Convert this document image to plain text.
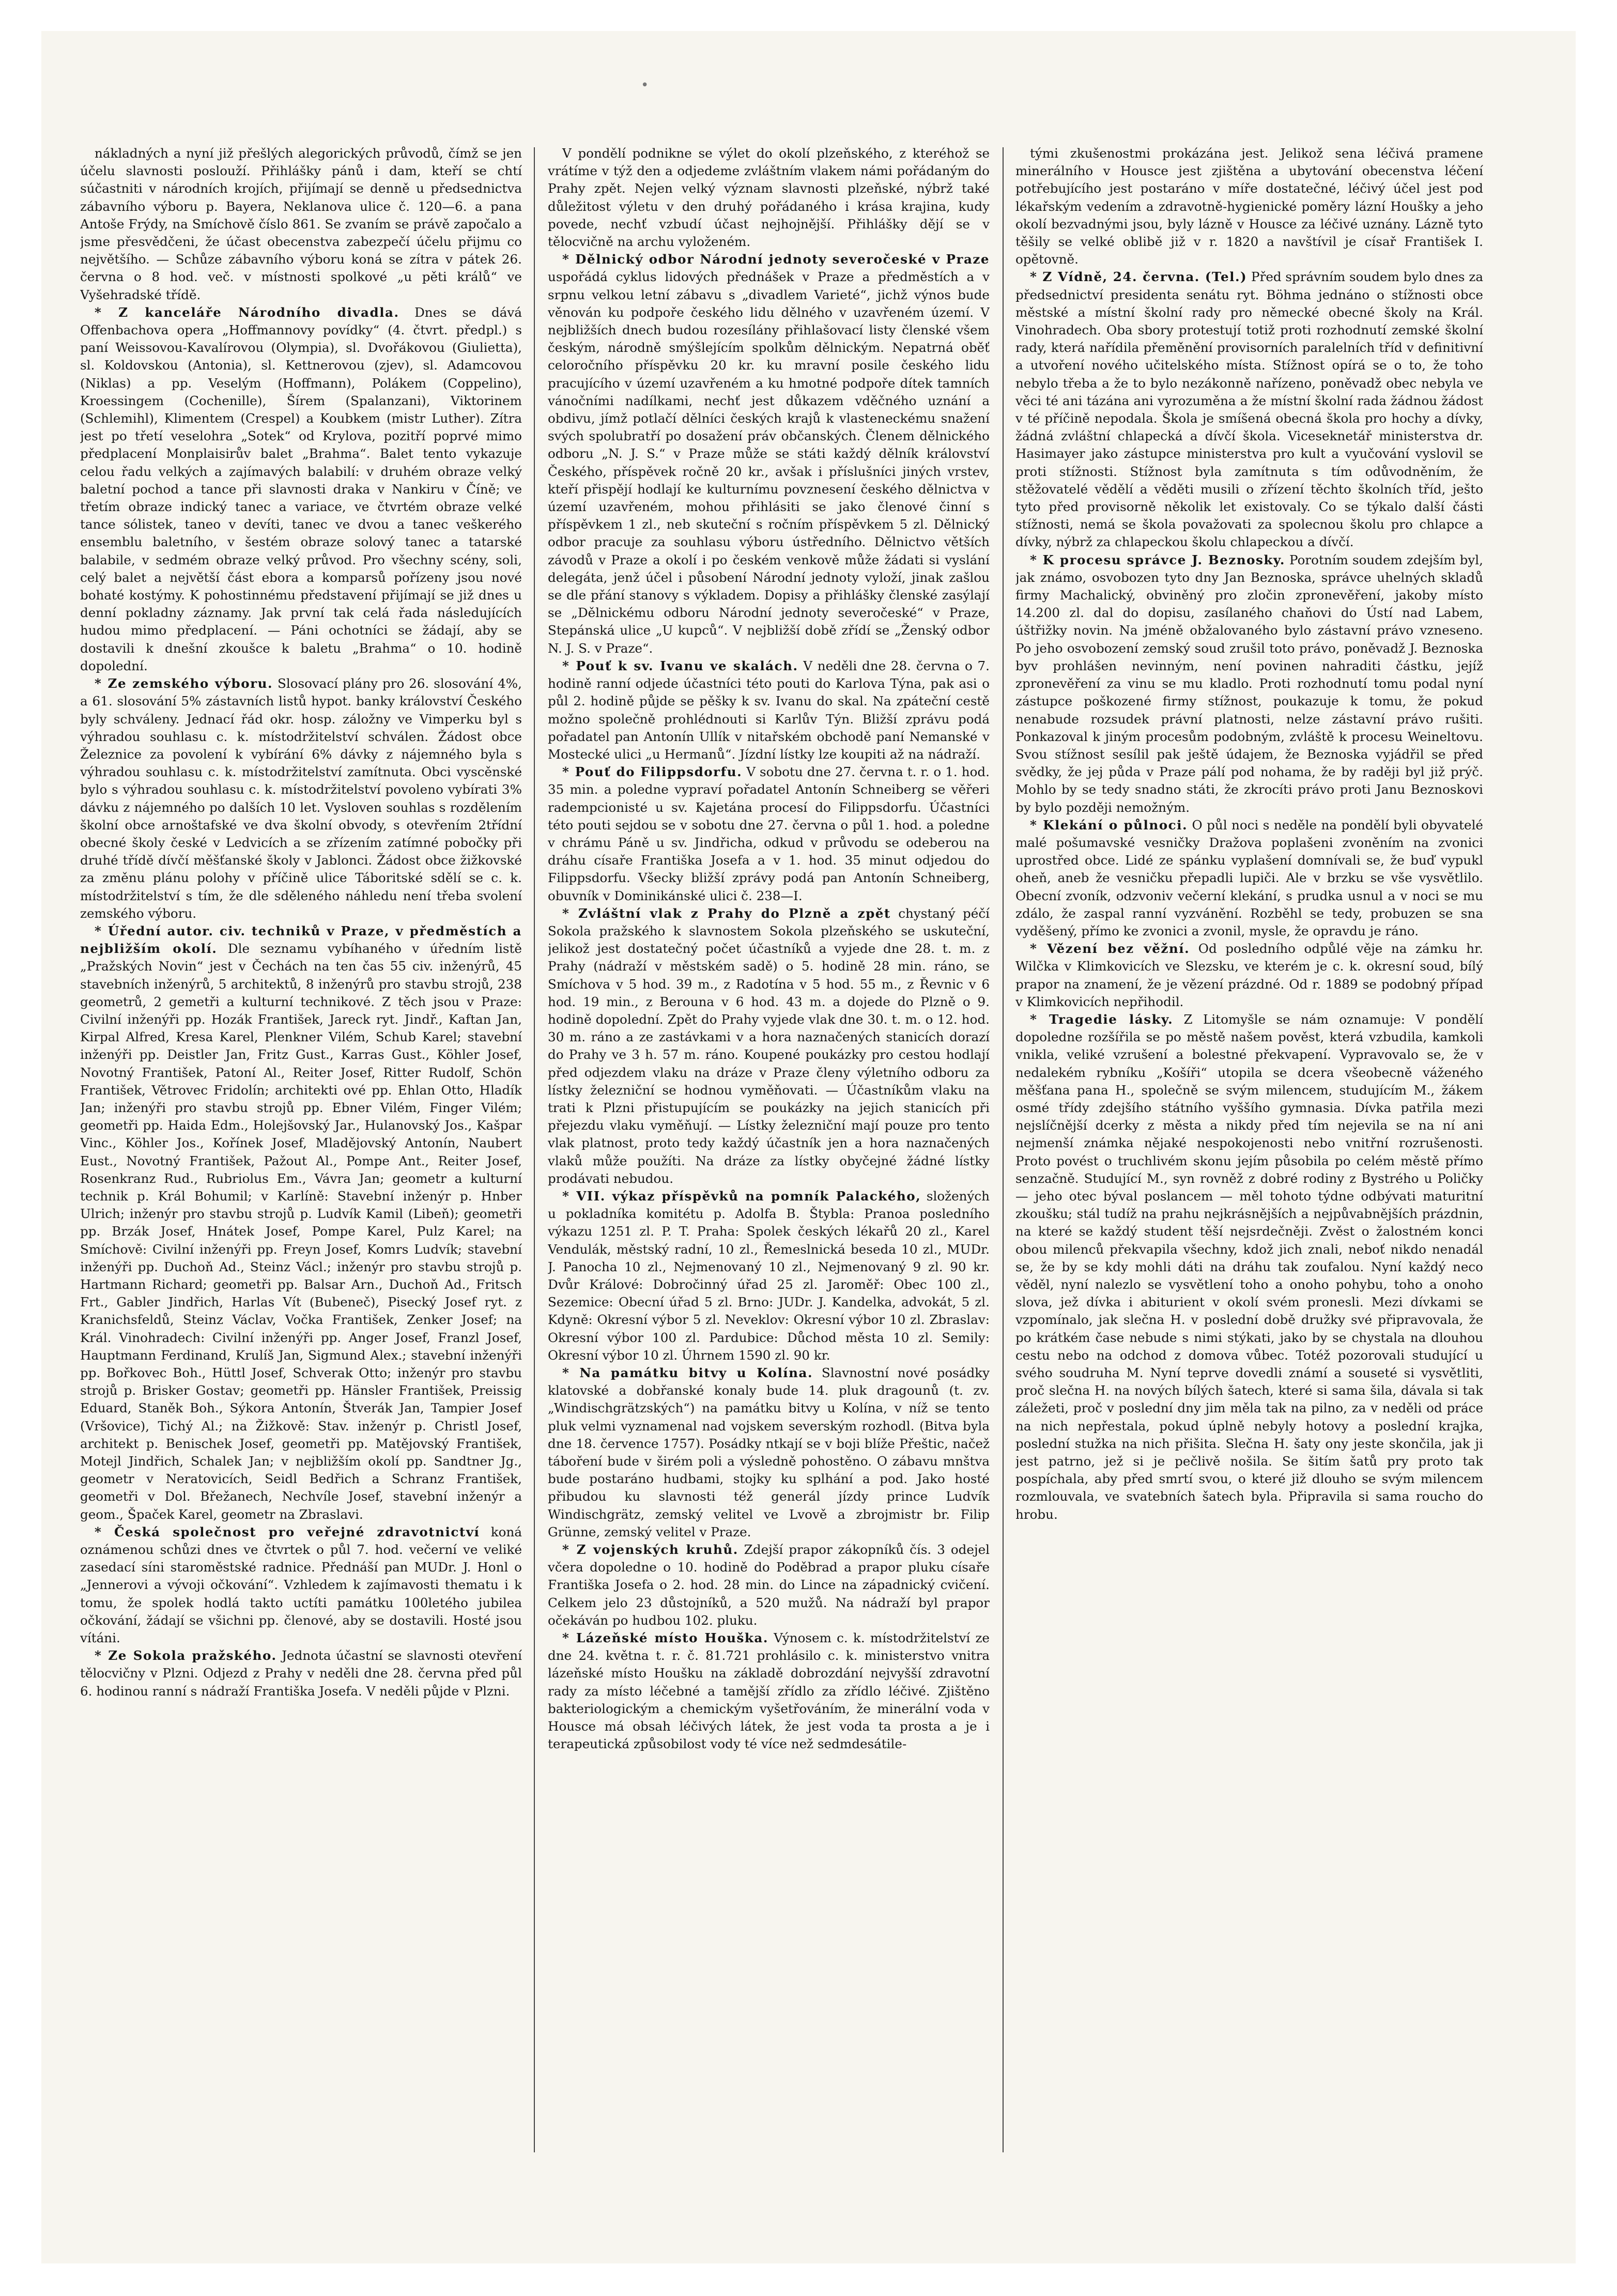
•

nákladných a nyní již přešlých alegorických průvodů, čímž se jen účelu slavnosti poslouží. Přihlášky pánů i dam, kteří se chtí súčastniti v národních krojích, přijímají se denně u předsednictva zábavního výboru p. Bayera, Neklanova ulice č. 120—6. a pana Antoše Frýdy, na Smíchově číslo 861. Se zvaním se právě započalo a jsme přesvědčeni, že účast obecenstva zabezpečí účelu přijmu co největšího. — Schůze zábavního výboru koná se zítra v pátek 26. června o 8 hod. več. v místnosti spolkové „u pěti králů“ ve Vyšehradské třídě.

* Z kanceláře Národního divadla. Dnes se dává Offenbachova opera „Hoffmannovy povídky“ (4. čtvrt. předpl.) s paní Weissovou-Kavalírovou (Olympia), sl. Dvořákovou (Giulietta), sl. Koldovskou (Antonia), sl. Kettnerovou (zjev), sl. Adamcovou (Niklas) a pp. Veselým (Hoffmann), Polákem (Coppelino), Kroessingem (Cochenille), Šírem (Spalanzani), Viktorinem (Schlemihl), Klimentem (Crespel) a Koubkem (mistr Luther). Zítra jest po třetí veselohra „Sotek“ od Krylova, pozitří poprvé mimo předplacení Monplaisirův balet „Brahma“. Balet tento vykazuje celou řadu velkých a zajímavých balabilí: v druhém obraze velký baletní pochod a tance při slavnosti draka v Nankiru v Číně; ve třetím obraze indický tanec a variace, ve čtvrtém obraze velké tance sólistek, taneo v devíti, tanec ve dvou a tanec veškerého ensemblu baletního, v šestém obraze solový tanec a tatarské balabile, v sedmém obraze velký průvod. Pro všechny scény, soli, celý balet a největší část ebora a komparsů pořízeny jsou nové bohaté kostýmy. K pohostinnému představení přijímají se již dnes u denní pokladny záznamy. Jak první tak celá řada následujících hudou mimo předplacení. — Páni ochotníci se žádají, aby se dostavili k dnešní zkoušce k baletu „Brahma“ o 10. hodině dopolední.

* Ze zemského výboru. Slosovací plány pro 26. slosování 4%, a 61. slosování 5% zástavních listů hypot. banky království Českého byly schváleny. Jednací řád okr. hosp. záložny ve Vimperku byl s výhradou souhlasu c. k. místodržitelství schválen. Žádost obce Železnice za povolení k vybírání 6% dávky z nájemného byla s výhradou souhlasu c. k. místodržitelství zamítnuta. Obci vyscěnské bylo s výhradou souhlasu c. k. místodržitelství povoleno vybírati 3% dávku z nájemného po dalších 10 let. Vysloven souhlas s rozdělením školní obce arnoštafské ve dva školní obvody, s otevřením 2třídní obecné školy české v Ledvicích a se zřízením zatímné pobočky při druhé třídě dívčí měšťanské školy v Jablonci. Žádost obce žižkovské za změnu plánu polohy v příčině ulice Táboritské sdělí se c. k. místodržitelství s tím, že dle sděleného náhledu není třeba svolení zemského výboru.

* Úřední autor. civ. techniků v Praze, v předměstích a nejbližším okolí. Dle seznamu vybíhaného v úředním listě „Pražských Novin“ jest v Čechách na ten čas 55 civ. inženýrů, 45 stavebních inženýrů, 5 architektů, 8 inženýrů pro stavbu strojů, 238 geometrů, 2 gemetři a kulturní technikové. Z těch jsou v Praze: Civilní inženýři pp. Hozák František, Jareck ryt. Jindř., Kaftan Jan, Kirpal Alfred, Kresa Karel, Plenkner Vilém, Schub Karel; stavební inženýři pp. Deistler Jan, Fritz Gust., Karras Gust., Köhler Josef, Novotný František, Patoní Al., Reiter Josef, Ritter Rudolf, Schön František, Větrovec Fridolín; architekti ové pp. Ehlan Otto, Hladík Jan; inženýři pro stavbu strojů pp. Ebner Vilém, Finger Vilém; geometři pp. Haida Edm., Holejšovský Jar., Hulanovský Jos., Kašpar Vinc., Köhler Jos., Kořínek Josef, Mladějovský Antonín, Naubert Eust., Novotný František, Pažout Al., Pompe Ant., Reiter Josef, Rosenkranz Rud., Rubriolus Em., Vávra Jan; geometr a kulturní technik p. Král Bohumil; v Karlíně: Stavební inženýr p. Hnber Ulrich; inženýr pro stavbu strojů p. Ludvík Kamil (Libeň); geometři pp. Brzák Josef, Hnátek Josef, Pompe Karel, Pulz Karel; na Smíchově: Civilní inženýři pp. Freyn Josef, Komrs Ludvík; stavební inženýři pp. Duchoň Ad., Steinz Václ.; inženýr pro stavbu strojů p. Hartmann Richard; geometři pp. Balsar Arn., Duchoň Ad., Fritsch Frt., Gabler Jindřich, Harlas Vít (Bubeneč), Pisecký Josef ryt. z Kranichsfeldů, Steinz Václav, Vočka František, Zenker Josef; na Král. Vinohradech: Civilní inženýři pp. Anger Josef, Franzl Josef, Hauptmann Ferdinand, Krulíš Jan, Sigmund Alex.; stavební inženýři pp. Bořkovec Boh., Hüttl Josef, Schverak Otto; inženýr pro stavbu strojů p. Brisker Gostav; geometři pp. Hänsler František, Preissig Eduard, Staněk Boh., Sýkora Antonín, Štverák Jan, Tampier Josef (Vršovice), Tichý Al.; na Žižkově: Stav. inženýr p. Christl Josef, architekt p. Benischek Josef, geometři pp. Matějovský František, Motejl Jindřich, Schalek Jan; v nejbližším okolí pp. Sandtner Jg., geometr v Neratovicích, Seidl Bedřich a Schranz František, geometři v Dol. Břežanech, Nechvíle Josef, stavební inženýr a geom., Špaček Karel, geometr na Zbraslavi.

* Česká společnost pro veřejné zdravotnictví koná oznámenou schůzi dnes ve čtvrtek o půl 7. hod. večerní ve veliké zasedací síni staroměstské radnice. Přednáší pan MUDr. J. Honl o „Jennerovi a vývoji očkování“. Vzhledem k zajímavosti thematu i k tomu, že spolek hodlá takto uctíti památku 100letého jubilea očkování, žádají se všichni pp. členové, aby se dostavili. Hosté jsou vítáni.

* Ze Sokola pražského. Jednota účastní se slavnosti otevření tělocvičny v Plzni. Odjezd z Prahy v neděli dne 28. června před půl 6. hodinou ranní s nádraží Františka Josefa. V neděli půjde v Plzni.

V pondělí podnikne se výlet do okolí plzeňského, z kteréhož se vrátíme v týž den a odjedeme zvláštním vlakem námi pořádaným do Prahy zpět. Nejen velký význam slavnosti plzeňské, nýbrž také důležitost výletu v den druhý pořádaného i krása krajina, kudy povede, nechť vzbudí účast nejhojnější. Přihlášky dějí se v tělocvičně na archu vyloženém.

* Dělnický odbor Národní jednoty severočeské v Praze uspořádá cyklus lidových přednášek v Praze a předměstích a v srpnu velkou letní zábavu s „divadlem Varieté“, jichž výnos bude věnován ku podpoře českého lidu dělného v uzavřeném území. V nejbližších dnech budou rozesílány přihlašovací listy členské všem českým, národně smýšlejícím spolkům dělnickým. Nepatrná oběť celoročního příspěvku 20 kr. ku mravní posile českého lidu pracujícího v území uzavřeném a ku hmotné podpoře dítek tamních vánočními nadílkami, nechť jest důkazem vděčného uznání a obdivu, jímž potlačí dělníci českých krajů k vlasteneckému snažení svých spolubratří po dosažení práv občanských. Členem dělnického odboru „N. J. S.“ v Praze může se státi každý dělník království Českého, příspěvek ročně 20 kr., avšak i příslušníci jiných vrstev, kteří přispějí hodlají ke kulturnímu povznesení českého dělnictva v území uzavřeném, mohou přihlásiti se jako členové činní s příspěvkem 1 zl., neb skuteční s ročním příspěvkem 5 zl. Dělnický odbor pracuje za souhlasu výboru ústředního. Dělnictvo větších závodů v Praze a okolí i po českém venkově může žádati si vyslání delegáta, jenž účel i působení Národní jednoty vyloží, jinak zašlou se dle přání stanovy s výkladem. Dopisy a přihlášky členské zasýlají se „Dělnickému odboru Národní jednoty severočeské“ v Praze, Stepánská ulice „U kupců“. V nejbližší době zřídí se „Ženský odbor N. J. S. v Praze“.

* Pouť k sv. Ivanu ve skalách. V neděli dne 28. června o 7. hodině ranní odjede účastníci této pouti do Karlova Týna, pak asi o půl 2. hodině půjde se pěšky k sv. Ivanu do skal. Na zpáteční cestě možno společně prohlédnouti si Karlův Týn. Bližší zprávu podá pořadatel pan Antonín Ullík v nitařském obchodě paní Nemanské v Mostecké ulici „u Hermanů“. Jízdní lístky lze koupiti až na nádraží.

* Pouť do Filippsdorfu. V sobotu dne 27. června t. r. o 1. hod. 35 min. a poledne vypraví pořadatel Antonín Schneiberg se věřeri radempcionisté u sv. Kajetána procesí do Filippsdorfu. Účastníci této pouti sejdou se v sobotu dne 27. června o půl 1. hod. a poledne v chrámu Páně u sv. Jindřicha, odkud v průvodu se odeberou na dráhu císaře Františka Josefa a v 1. hod. 35 minut odjedou do Filippsdorfu. Všecky bližší zprávy podá pan Antonín Schneiberg, obuvník v Dominikánské ulici č. 238—I.

* Zvláštní vlak z Prahy do Plzně a zpět chystaný péčí Sokola pražského k slavnostem Sokola plzeňského se uskuteční, jelikož jest dostatečný počet účastníků a vyjede dne 28. t. m. z Prahy (nádraží v městském sadě) o 5. hodině 28 min. ráno, se Smíchova v 5 hod. 39 m., z Radotína v 5 hod. 55 m., z Řevnic v 6 hod. 19 min., z Berouna v 6 hod. 43 m. a dojede do Plzně o 9. hodině dopolední. Zpět do Prahy vyjede vlak dne 30. t. m. o 12. hod. 30 m. ráno a ze zastávkami v a hora naznačených stanicích dorazí do Prahy ve 3 h. 57 m. ráno. Koupené poukázky pro cestou hodlají před odjezdem vlaku na dráze v Praze členy výletního odboru za lístky železniční se hodnou vyměňovati. — Účastníkům vlaku na trati k Plzni přistupujícím se poukázky na jejich stanicích při přejezdu vlaku vyměňují. — Lístky železniční mají pouze pro tento vlak platnost, proto tedy každý účastník jen a hora naznačených vlaků může použíti. Na dráze za lístky obyčejné žádné lístky prodávati nebudou.

* VII. výkaz příspěvků na pomník Palackého, složených u pokladníka komitétu p. Adolfa B. Štybla: Pranoa posledního výkazu 1251 zl. P. T. Praha: Spolek českých lékařů 20 zl., Karel Vendulák, městský radní, 10 zl., Řemeslnická beseda 10 zl., MUDr. J. Panocha 10 zl., Nejmenovaný 10 zl., Nejmenovaný 9 zl. 90 kr. Dvůr Králové: Dobročinný úřad 25 zl. Jaroměř: Obec 100 zl., Sezemice: Obecní úřad 5 zl. Brno: JUDr. J. Kandelka, advokát, 5 zl. Kdyně: Okresní výbor 5 zl. Neveklov: Okresní výbor 10 zl. Zbraslav: Okresní výbor 100 zl. Pardubice: Důchod města 10 zl. Semily: Okresní výbor 10 zl. Úhrnem 1590 zl. 90 kr.

* Na památku bitvy u Kolína. Slavnostní nové posádky klatovské a dobřanské konaly bude 14. pluk dragounů (t. zv. „Windischgrätzských“) na památku bitvy u Kolína, v níž se tento pluk velmi vyznamenal nad vojskem severským rozhodl. (Bitva byla dne 18. července 1757). Posádky ntkají se v boji blíže Přeštic, načež táboření bude v širém poli a výsledně pohostěno. O zábavu mnštva bude postaráno hudbami, stojky ku splhání a pod. Jako hosté přibudou ku slavnosti též generál jízdy prince Ludvík Windischgrätz, zemský velitel ve Lvově a zbrojmistr br. Filip Grünne, zemský velitel v Praze.

* Z vojenských kruhů. Zdejší prapor zákopníků čís. 3 odejel včera dopoledne o 10. hodině do Poděbrad a prapor pluku císaře Františka Josefa o 2. hod. 28 min. do Lince na západnický cvičení. Celkem jelo 23 důstojníků, a 520 mužů. Na nádraží byl prapor očekáván po hudbou 102. pluku.

* Lázeňské místo Houška. Výnosem c. k. místodržitelství ze dne 24. května t. r. č. 81.721 prohlásilo c. k. ministerstvo vnitra lázeňské místo Houšku na základě dobrozdání nejvyšší zdravotní rady za místo léčebné a tamější zřídlo za zřídlo léčivé. Zjištěno bakteriologickým a chemickým vyšetřováním, že minerální voda v Housce má obsah léčivých látek, že jest voda ta prosta a je i terapeutická způsobilost vody té více než sedmdesátile-

tými zkušenostmi prokázána jest. Jelikož sena léčivá pramene minerálního v Housce jest zjištěna a ubytování obecenstva léčení potřebujícího jest postaráno v míře dostatečné, léčivý účel jest pod lékařským vedením a zdravotně-hygienické poměry lázní Houšky a jeho okolí bezvadnými jsou, byly lázně v Housce za léčivé uznány. Lázně tyto těšily se velké oblibě již v r. 1820 a navštívil je císař František I. opětovně.

* Z Vídně, 24. června. (Tel.) Před správním soudem bylo dnes za předsednictví presidenta senátu ryt. Böhma jednáno o stížnosti obce městské a místní školní rady pro německé obecné školy na Král. Vinohradech. Oba sbory protestují totiž proti rozhodnutí zemské školní rady, která nařídila přeměnění provisorních paralelních tříd v definitivní a utvoření nového učitelského místa. Stížnost opírá se o to, že toho nebylo třeba a že to bylo nezákonně nařízeno, poněvadž obec nebyla ve věci té ani tázána ani vyrozuměna a že místní školní rada žádnou žádost v té příčině nepodala. Škola je smíšená obecná škola pro hochy a dívky, žádná zvláštní chlapecká a dívčí škola. Viceseknetář ministerstva dr. Hasimayer jako zástupce ministerstva pro kult a vyučování vyslovil se proti stížnosti. Stížnost byla zamítnuta s tím odůvodněním, že stěžovatelé vědělí a věděti musili o zřízení těchto školních tříd, ješto tyto před provisorně několik let existovaly. Co se týkalo další části stížnosti, nemá se škola považovati za spolecnou školu pro chlapce a dívky, nýbrž za chlapeckou školu chlapeckou a dívčí.

* K procesu správce J. Beznosky. Porotním soudem zdejším byl, jak známo, osvobozen tyto dny Jan Beznoska, správce uhelných skladů firmy Machalický, obviněný pro zločin zpronevěření, jakoby místo 14.200 zl. dal do dopisu, zasílaného chaňovi do Ústí nad Labem, úštřižky novin. Na jméně obžalovaného bylo zástavní právo vzneseno. Po jeho osvobození zemský soud zrušil toto právo, poněvadž J. Beznoska byv prohlášen nevinným, není povinen nahraditi částku, jejíž zpronevěření za vinu se mu kladlo. Proti rozhodnutí tomu podal nyní zástupce poškozené firmy stížnost, poukazuje k tomu, že pokud nenabude rozsudek právní platnosti, nelze zástavní právo rušiti. Ponkazoval k jiným procesům podobným, zvláště k procesu Weineltovu. Svou stížnost sesílil pak ještě údajem, že Beznoska vyjádřil se před svědky, že jej půda v Praze pálí pod nohama, že by raději byl již prýč. Mohlo by se tedy snadno státi, že zkrocíti právo proti Janu Beznoskovi by bylo později nemožným.

* Klekání o půlnoci. O půl noci s neděle na pondělí byli obyvatelé malé pošumavské vesničky Dražova poplašeni zvoněním na zvonici uprostřed obce. Lidé ze spánku vyplašení domnívali se, že buď vypukl oheň, aneb že vesničku přepadli lupiči. Ale v brzku se vše vysvětlilo. Obecní zvoník, odzvoniv večerní klekání, s prudka usnul a v noci se mu zdálo, že zaspal ranní vyzvánění. Rozběhl se tedy, probuzen se sna vyděšený, přímo ke zvonici a zvonil, mysle, že opravdu je ráno.

* Vězení bez věžní. Od posledního odpůlé věje na zámku hr. Wilčka v Klimkovicích ve Slezsku, ve kterém je c. k. okresní soud, bílý prapor na znamení, že je vězení prázdné. Od r. 1889 se podobný případ v Klimkovicích nepřihodil.

* Tragedie lásky. Z Litomyšle se nám oznamuje: V pondělí dopoledne rozšířila se po městě našem pověst, která vzbudila, kamkoli vnikla, veliké vzrušení a bolestné překvapení. Vypravovalo se, že v nedalekém rybníku „Košíři“ utopila se dcera všeobecně váženého měšťana pana H., společně se svým milencem, studujícím M., žákem osmé třídy zdejšího státního vyššího gymnasia. Dívka patřila mezi nejslíčnější dcerky z města a nikdy před tím nejevila se na ní ani nejmenší známka nějaké nespokojenosti nebo vnitřní rozrušenosti. Proto povést o truchlivém skonu jejím působila po celém městě přímo senzačně. Studující M., syn rovněž z dobré rodiny z Bystrého u Poličky — jeho otec býval poslancem — měl tohoto týdne odbývati maturitní zkoušku; stál tudíž na prahu nejkrásnějších a nejpůvabnějších prázdnin, na které se každý student těší nejsrdečněji. Zvěst o žalostném konci obou milenců překvapila všechny, kdož jich znali, neboť nikdo nenadál se, že by se kdy mohli dáti na dráhu tak zoufalou. Nyní každý neco věděl, nyní nalezlo se vysvětlení toho a onoho pohybu, toho a onoho slova, jež dívka i abiturient v okolí svém pronesli. Mezi dívkami se vzpomínalo, jak slečna H. v poslední době družky své připravovala, že po krátkém čase nebude s nimi stýkati, jako by se chystala na dlouhou cestu nebo na odchod z domova vůbec. Totéž pozorovali studující u svého soudruha M. Nyní teprve dovedli známí a souseté si vysvětliti, proč slečna H. na nových bílých šatech, které si sama šila, dávala si tak záležeti, proč v poslední dny jim měla tak na pilno, za v neděli od práce na nich nepřestala, pokud úplně nebyly hotovy a poslední krajka, poslední stužka na nich přišita. Slečna H. šaty ony jeste skončila, jak ji jest patrno, jež si je pečlivě nošila. Se šitím šatů pry proto tak pospíchala, aby před smrtí svou, o které již dlouho se svým milencem rozmlouvala, ve svatebních šatech byla. Připravila si sama roucho do hrobu.
